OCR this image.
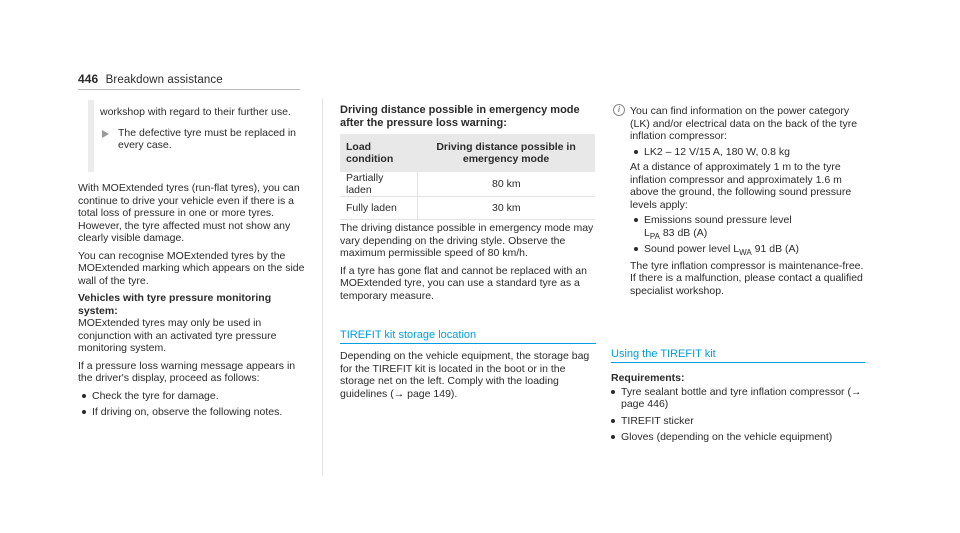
446 Breakdown assistance
workshop with regard to their further use.
The defective tyre must be replaced in every case.

With MOExtended tyres (run-flat tyres), you can continue to drive your vehicle even if there is a total loss of pressure in one or more tyres. However, the tyre affected must not show any clearly visible damage.

You can recognise MOExtended tyres by the MOExtended marking which appears on the side wall of the tyre.

Vehicles with tyre pressure monitoring system:

MOExtended tyres may only be used in conjunction with an activated tyre pressure monitoring system.

If a pressure loss warning message appears in the driver's display, proceed as follows:

Check the tyre for damage.
If driving on, observe the following notes.
Driving distance possible in emergency mode after the pressure loss warning:
Load condition	Driving distance possible in emergency mode
Partially laden	80 km
Fully laden	30 km

The driving distance possible in emergency mode may vary depending on the driving style. Observe the maximum permissible speed of 80 km/h.

If a tyre has gone flat and cannot be replaced with an MOExtended tyre, you can use a standard tyre as a temporary measure.

TIREFIT kit storage location

Depending on the vehicle equipment, the storage bag for the TIREFIT kit is located in the boot or in the storage net on the left. Comply with the loading guidelines (→ page 149).

i You can find information on the power category (LK) and/or electrical data on the back of the tyre inflation compressor:

LK2 – 12 V/15 A, 180 W, 0.8 kg

At a distance of approximately 1 m to the tyre inflation compressor and approximately 1.6 m above the ground, the following sound pressure levels apply:

Emissions sound pressure level
$L_{PA}$ 83 dB (A)
Sound power level $L_{WA}$ 91 dB (A)

The tyre inflation compressor is maintenance-free. If there is a malfunction, please contact a qualified specialist workshop.

Using the TIREFIT kit
Requirements:
Tyre sealant bottle and tyre inflation compressor (→ page 446)
TIREFIT sticker
Gloves (depending on the vehicle equipment)
